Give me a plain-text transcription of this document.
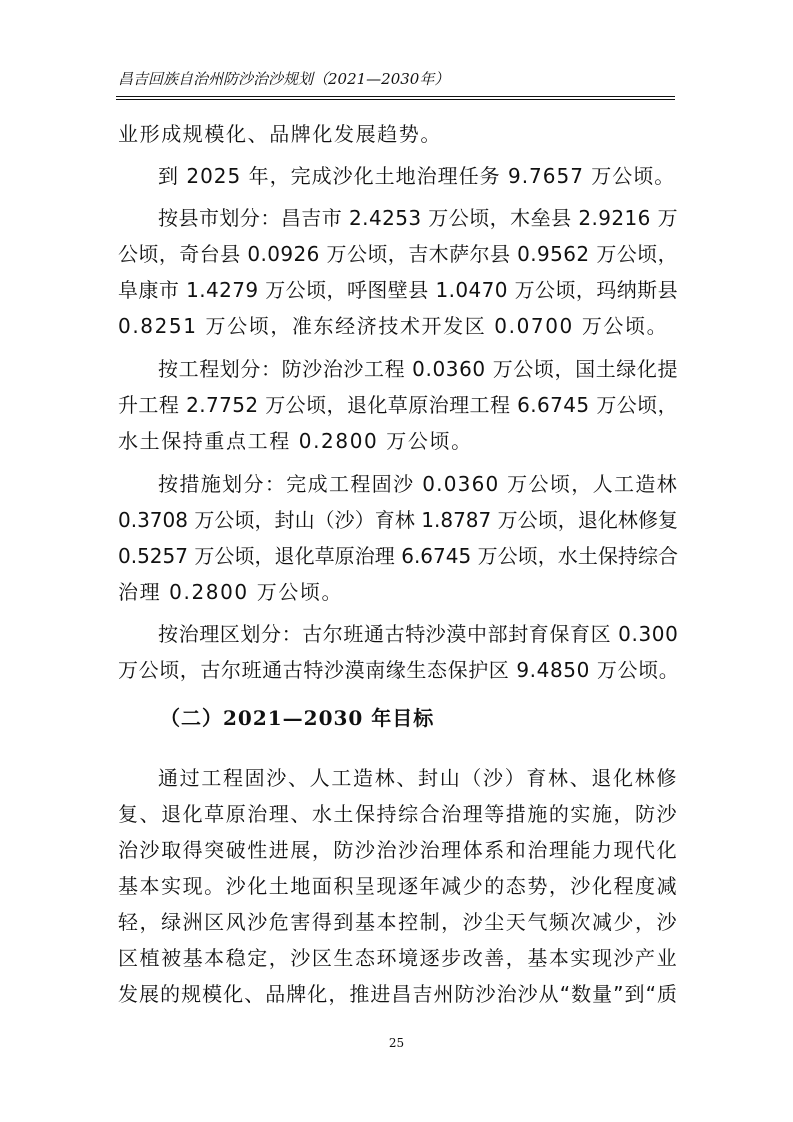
昌吉回族自治州防沙治沙规划（2021—2030年）
业形成规模化、品牌化发展趋势。
到 2025 年，完成沙化土地治理任务 9.7657 万公顷。
按县市划分：昌吉市 2.4253 万公顷，木垒县 2.9216 万
公顷，奇台县 0.0926 万公顷，吉木萨尔县 0.9562 万公顷，
阜康市 1.4279 万公顷，呼图壁县 1.0470 万公顷，玛纳斯县
0.8251 万公顷，准东经济技术开发区 0.0700 万公顷。
按工程划分：防沙治沙工程 0.0360 万公顷，国土绿化提
升工程 2.7752 万公顷，退化草原治理工程 6.6745 万公顷，
水土保持重点工程 0.2800 万公顷。
按措施划分：完成工程固沙 0.0360 万公顷，人工造林
0.3708 万公顷，封山（沙）育林 1.8787 万公顷，退化林修复
0.5257 万公顷，退化草原治理 6.6745 万公顷，水土保持综合
治理 0.2800 万公顷。
按治理区划分：古尔班通古特沙漠中部封育保育区 0.300
万公顷，古尔班通古特沙漠南缘生态保护区 9.4850 万公顷。
（二）2021—2030 年目标
通过工程固沙、人工造林、封山（沙）育林、退化林修
复、退化草原治理、水土保持综合治理等措施的实施，防沙
治沙取得突破性进展，防沙治沙治理体系和治理能力现代化
基本实现。沙化土地面积呈现逐年减少的态势，沙化程度减
轻，绿洲区风沙危害得到基本控制，沙尘天气频次减少，沙
区植被基本稳定，沙区生态环境逐步改善，基本实现沙产业
发展的规模化、品牌化，推进昌吉州防沙治沙从“数量”到“质
25
